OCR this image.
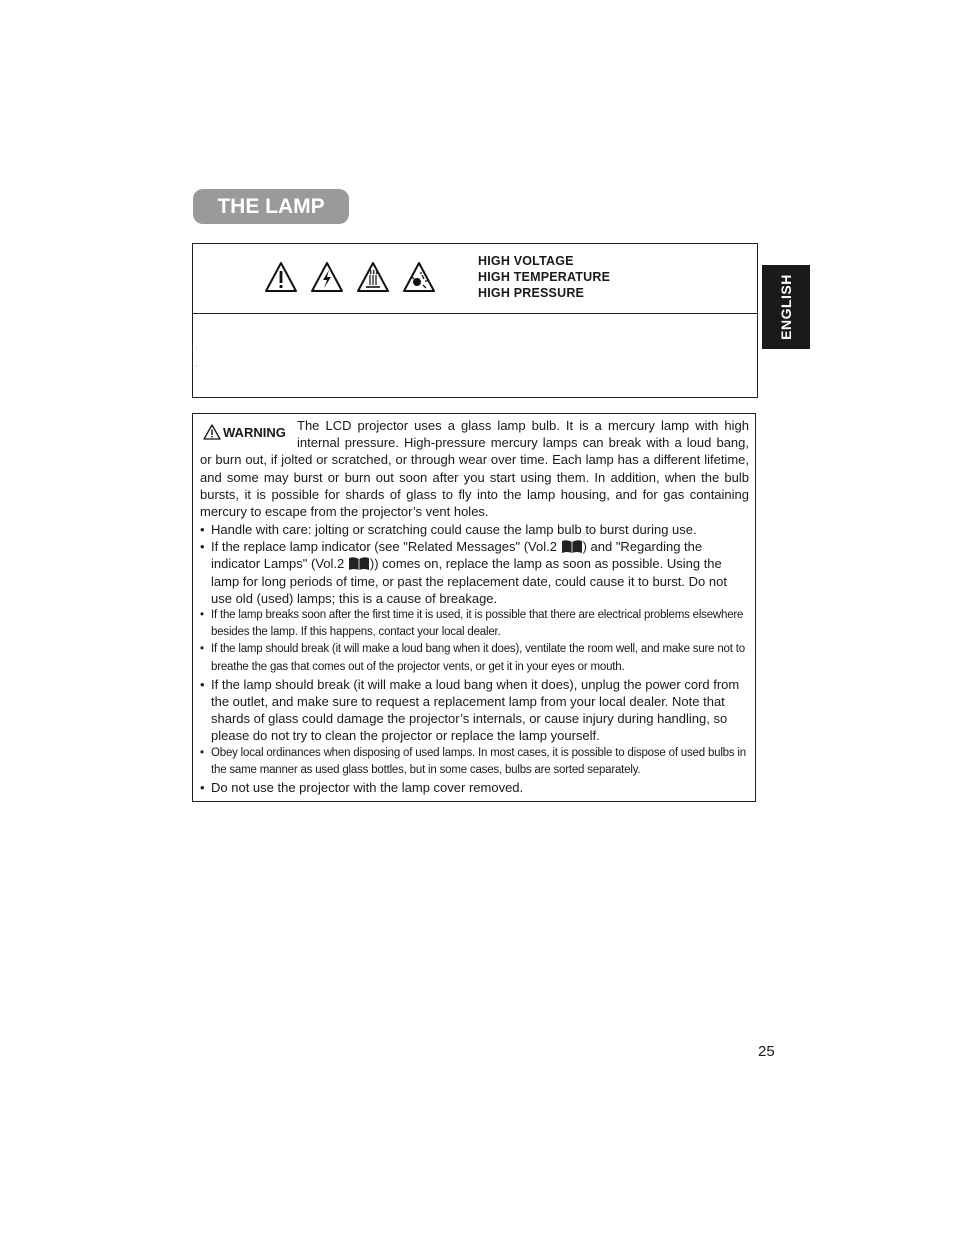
THE LAMP
HIGH VOLTAGE
HIGH TEMPERATURE
HIGH PRESSURE
.
,
ENGLISH
WARNING The LCD projector uses a glass lamp bulb. It is a mercury lamp with high internal pressure. High-pressure mercury lamps can break with a loud bang, or burn out, if jolted or scratched, or through wear over time. Each lamp has a different lifetime, and some may burst or burn out soon after you start using them. In addition, when the bulb bursts, it is possible for shards of glass to fly into the lamp housing, and for gas containing mercury to escape from the projector’s vent holes.
• Handle with care: jolting or scratching could cause the lamp bulb to burst during use.
• If the replace lamp indicator (see "Related Messages" (Vol.2 ) and "Regarding the indicator Lamps" (Vol.2 )) comes on, replace the lamp as soon as possible. Using the lamp for long periods of time, or past the replacement date, could cause it to burst. Do not use old (used) lamps; this is a cause of breakage.
• If the lamp breaks soon after the first time it is used, it is possible that there are electrical problems elsewhere besides the lamp. If this happens, contact your local dealer.
• If the lamp should break (it will make a loud bang when it does), ventilate the room well, and make sure not to breathe the gas that comes out of the projector vents, or get it in your eyes or mouth.
• If the lamp should break (it will make a loud bang when it does), unplug the power cord from the outlet, and make sure to request a replacement lamp from your local dealer. Note that shards of glass could damage the projector’s internals, or cause injury during handling, so please do not try to clean the projector or replace the lamp yourself.
• Obey local ordinances when disposing of used lamps. In most cases, it is possible to dispose of used bulbs in the same manner as used glass bottles, but in some cases, bulbs are sorted separately.
• Do not use the projector with the lamp cover removed.
25
